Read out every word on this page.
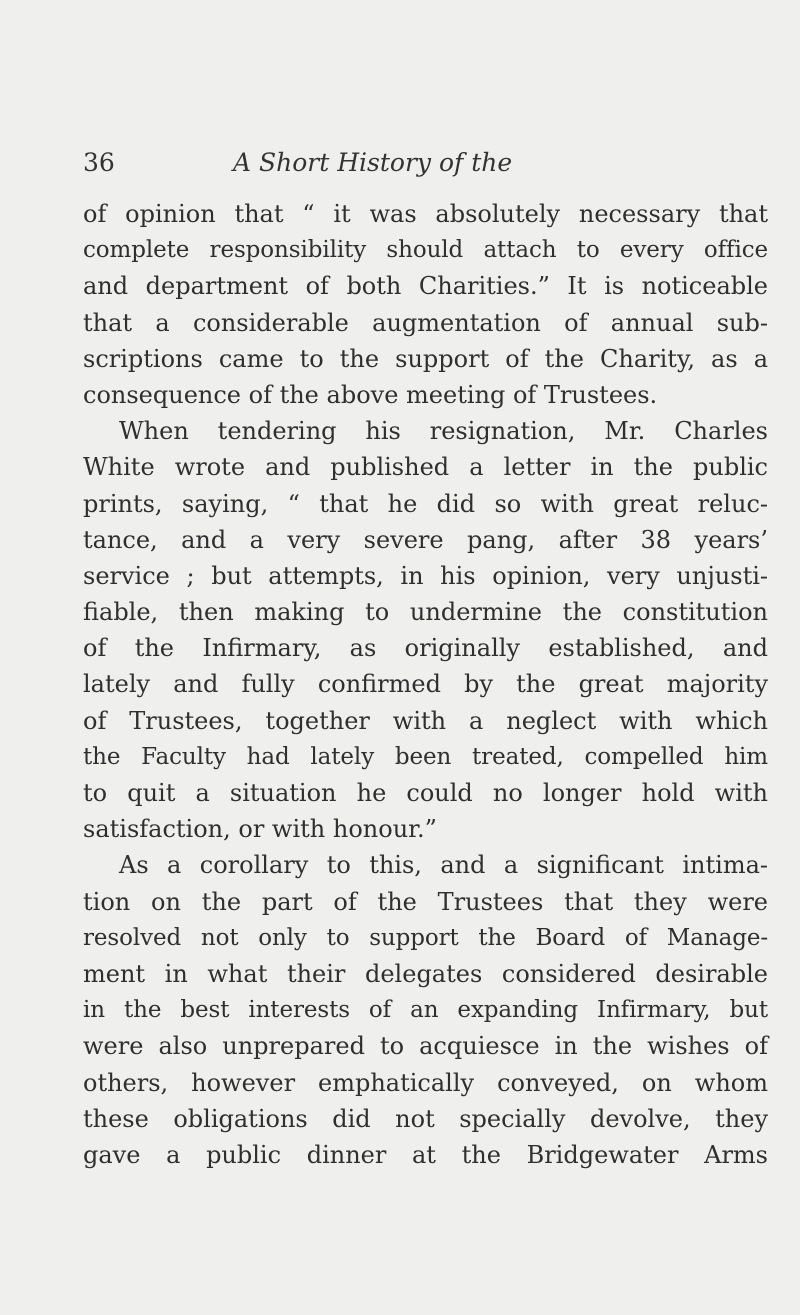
36	A Short History of the
of opinion that “ it was absolutely necessary that
complete responsibility should attach to every office
and department of both Charities.” It is noticeable
that a considerable augmentation of annual sub-
scriptions came to the support of the Charity, as a
consequence of the above meeting of Trustees.
When tendering his resignation, Mr. Charles
White wrote and published a letter in the public
prints, saying, “ that he did so with great reluc-
tance, and a very severe pang, after 38 years’
service ; but attempts, in his opinion, very unjusti-
fiable, then making to undermine the constitution
of the Infirmary, as originally established, and
lately and fully confirmed by the great majority
of Trustees, together with a neglect with which
the Faculty had lately been treated, compelled him
to quit a situation he could no longer hold with
satisfaction, or with honour.”
As a corollary to this, and a significant intima-
tion on the part of the Trustees that they were
resolved not only to support the Board of Manage-
ment in what their delegates considered desirable
in the best interests of an expanding Infirmary, but
were also unprepared to acquiesce in the wishes of
others, however emphatically conveyed, on whom
these obligations did not specially devolve, they
gave a public dinner at the Bridgewater Arms
